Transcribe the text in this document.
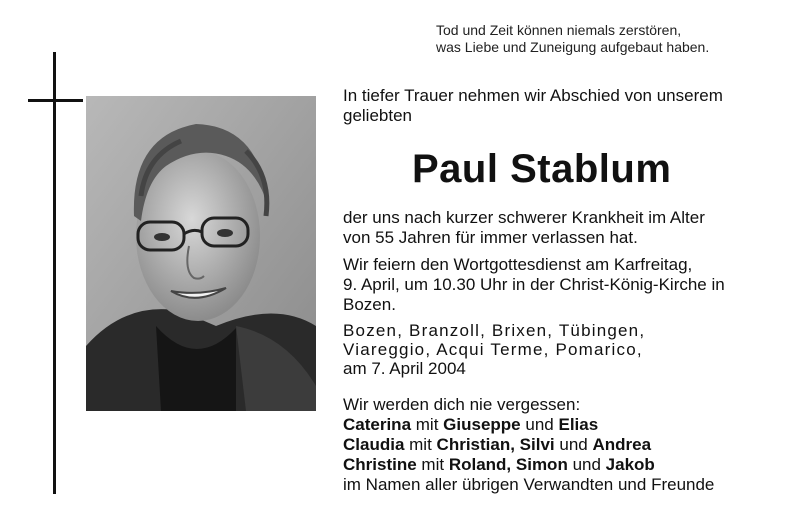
Tod und Zeit können niemals zerstören,
was Liebe und Zuneigung aufgebaut haben.
In tiefer Trauer nehmen wir Abschied von unserem
geliebten
Paul Stablum
der uns nach kurzer schwerer Krankheit im Alter
von 55 Jahren für immer verlassen hat.
Wir feiern den Wortgottesdienst am Karfreitag,
9. April, um 10.30 Uhr in der Christ-König-Kirche in
Bozen.
Bozen, Branzoll, Brixen, Tübingen,
Viareggio, Acqui Terme, Pomarico,
am 7. April 2004
Wir werden dich nie vergessen:
Caterina mit Giuseppe und Elias
Claudia mit Christian, Silvi und Andrea
Christine mit Roland, Simon und Jakob
im Namen aller übrigen Verwandten und Freunde
